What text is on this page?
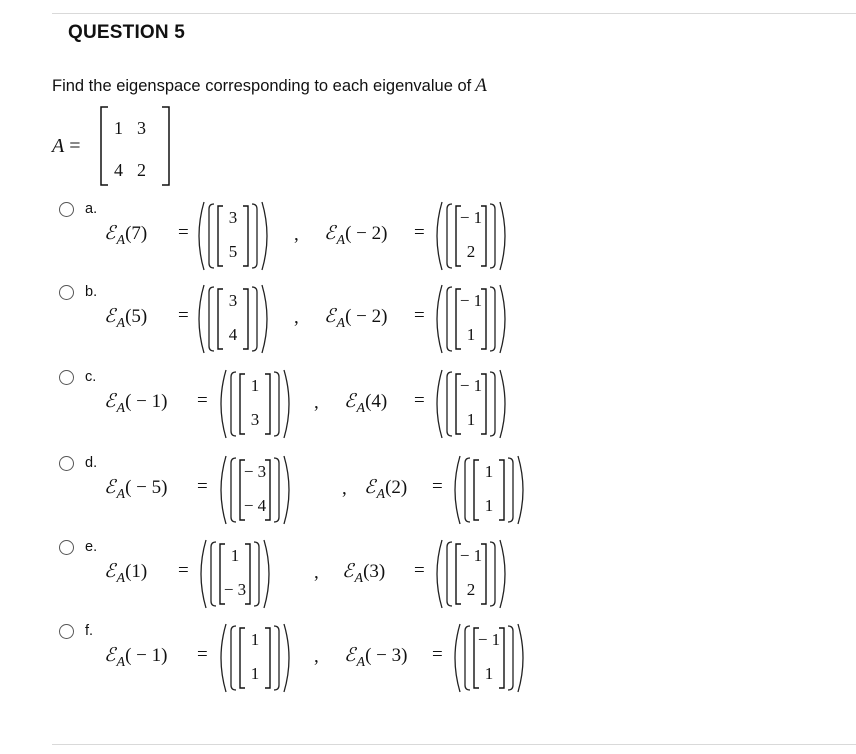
QUESTION 5
Find the eigenspace corresponding to each eigenvalue of A
A =
1 3
4 2
a.
ℰ$_A$(7) =
3
5
, ℰ$_A$( − 2) =
− 1
2
b.
ℰ$_A$(5) =
3
4
, ℰ$_A$( − 2) =
− 1
1
c.
ℰ$_A$( − 1) =
1
3
, ℰ$_A$(4) =
− 1
1
d.
ℰ$_A$( − 5) =
− 3
− 4
, ℰ$_A$(2) =
1
1
e.
ℰ$_A$(1) =
1
− 3
, ℰ$_A$(3) =
− 1
2
f.
ℰ$_A$( − 1) =
1
1
, ℰ$_A$( − 3) =
− 1
1
